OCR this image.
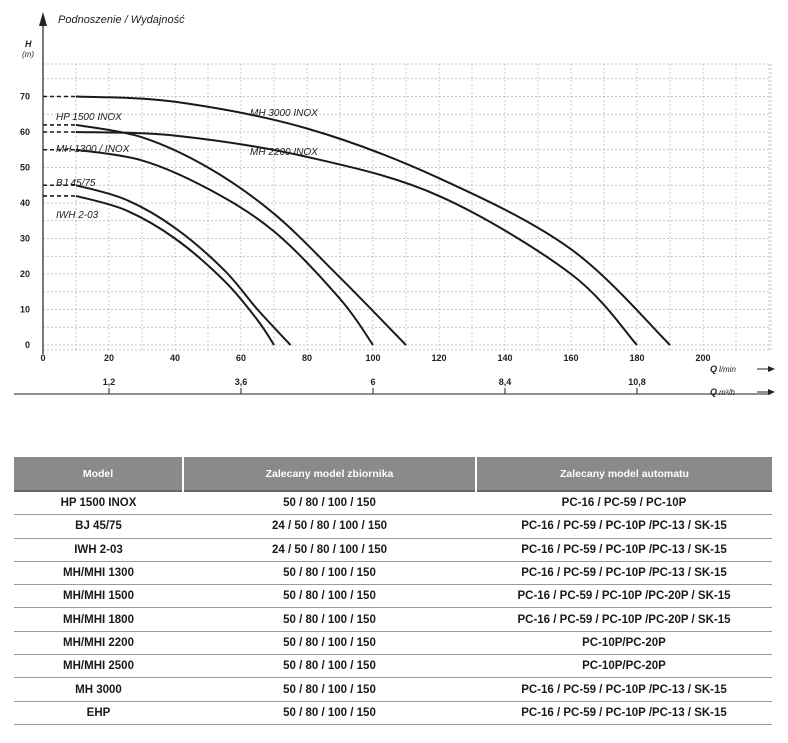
Podnoszenie / Wydajność
H
(m)
0
10
20
30
40
50
60
70
0	20	40	60	80	100	120	140	160	180	200
Q l/min
1,2	3,6	6	8,4	10,8
Q m³/h
MH 3000 INOX
HP 1500 INOX
MH 2200 INOX
MH 1300 / INOX
BJ 45/75
IWH 2-03
Model	Zalecany model zbiornika	Zalecany model automatu
HP 1500 INOX	50 / 80 / 100 / 150	PC-16 / PC-59 / PC-10P
BJ 45/75	24 / 50 / 80 / 100 / 150	PC-16 / PC-59 / PC-10P /PC-13 / SK-15
IWH 2-03	24 / 50 / 80 / 100 / 150	PC-16 / PC-59 / PC-10P /PC-13 / SK-15
MH/MHI 1300	50 / 80 / 100 / 150	PC-16 / PC-59 / PC-10P /PC-13 / SK-15
MH/MHI 1500	50 / 80 / 100 / 150	PC-16 / PC-59 / PC-10P /PC-20P / SK-15
MH/MHI 1800	50 / 80 / 100 / 150	PC-16 / PC-59 / PC-10P /PC-20P / SK-15
MH/MHI 2200	50 / 80 / 100 / 150	PC-10P/PC-20P
MH/MHI 2500	50 / 80 / 100 / 150	PC-10P/PC-20P
MH 3000	50 / 80 / 100 / 150	PC-16 / PC-59 / PC-10P /PC-13 / SK-15
EHP	50 / 80 / 100 / 150	PC-16 / PC-59 / PC-10P /PC-13 / SK-15
